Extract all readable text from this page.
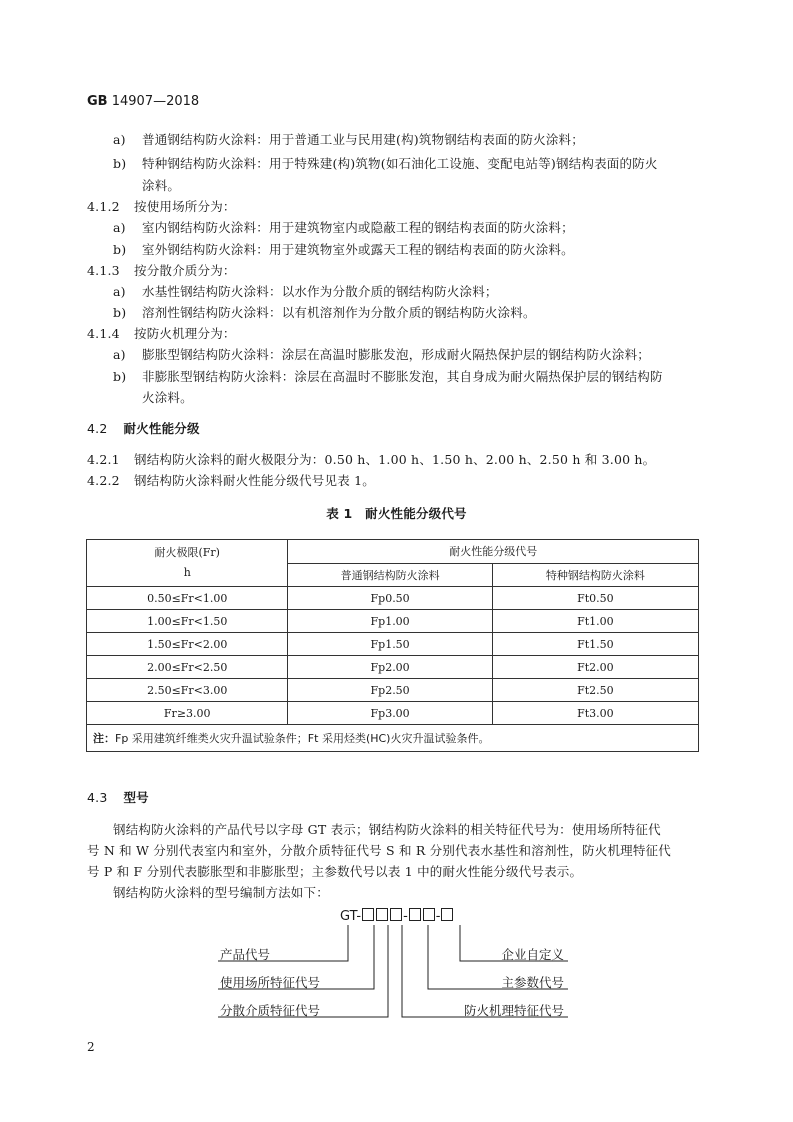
GB 14907—2018
a) 普通钢结构防火涂料：用于普通工业与民用建(构)筑物钢结构表面的防火涂料；
b) 特种钢结构防火涂料：用于特殊建(构)筑物(如石油化工设施、变配电站等)钢结构表面的防火
涂料。
4.1.2 按使用场所分为：
a) 室内钢结构防火涂料：用于建筑物室内或隐蔽工程的钢结构表面的防火涂料；
b) 室外钢结构防火涂料：用于建筑物室外或露天工程的钢结构表面的防火涂料。
4.1.3 按分散介质分为：
a) 水基性钢结构防火涂料：以水作为分散介质的钢结构防火涂料；
b) 溶剂性钢结构防火涂料：以有机溶剂作为分散介质的钢结构防火涂料。
4.1.4 按防火机理分为：
a) 膨胀型钢结构防火涂料：涂层在高温时膨胀发泡，形成耐火隔热保护层的钢结构防火涂料；
b) 非膨胀型钢结构防火涂料：涂层在高温时不膨胀发泡，其自身成为耐火隔热保护层的钢结构防
火涂料。
4.2 耐火性能分级
4.2.1 钢结构防火涂料的耐火极限分为：0.50 h、1.00 h、1.50 h、2.00 h、2.50 h 和 3.00 h。
4.2.2 钢结构防火涂料耐火性能分级代号见表 1。
表 1　耐火性能分级代号
耐火极限(Fr)
h	耐火性能分级代号	
	普通钢结构防火涂料	特种钢结构防火涂料
0.50≤Fr<1.00	Fp0.50	Ft0.50
1.00≤Fr<1.50	Fp1.00	Ft1.00
1.50≤Fr<2.00	Fp1.50	Ft1.50
2.00≤Fr<2.50	Fp2.00	Ft2.00
2.50≤Fr<3.00	Fp2.50	Ft2.50
Fr≥3.00	Fp3.00	Ft3.00
注：Fp 采用建筑纤维类火灾升温试验条件；Ft 采用烃类(HC)火灾升温试验条件。		
4.3 型号
钢结构防火涂料的产品代号以字母 GT 表示；钢结构防火涂料的相关特征代号为：使用场所特征代
号 N 和 W 分别代表室内和室外，分散介质特征代号 S 和 R 分别代表水基性和溶剂性，防火机理特征代
号 P 和 F 分别代表膨胀型和非膨胀型；主参数代号以表 1 中的耐火性能分级代号表示。
钢结构防火涂料的型号编制方法如下：
GT-	- -
产品代号
使用场所特征代号
分散介质特征代号
企业自定义
主参数代号
防火机理特征代号
2
